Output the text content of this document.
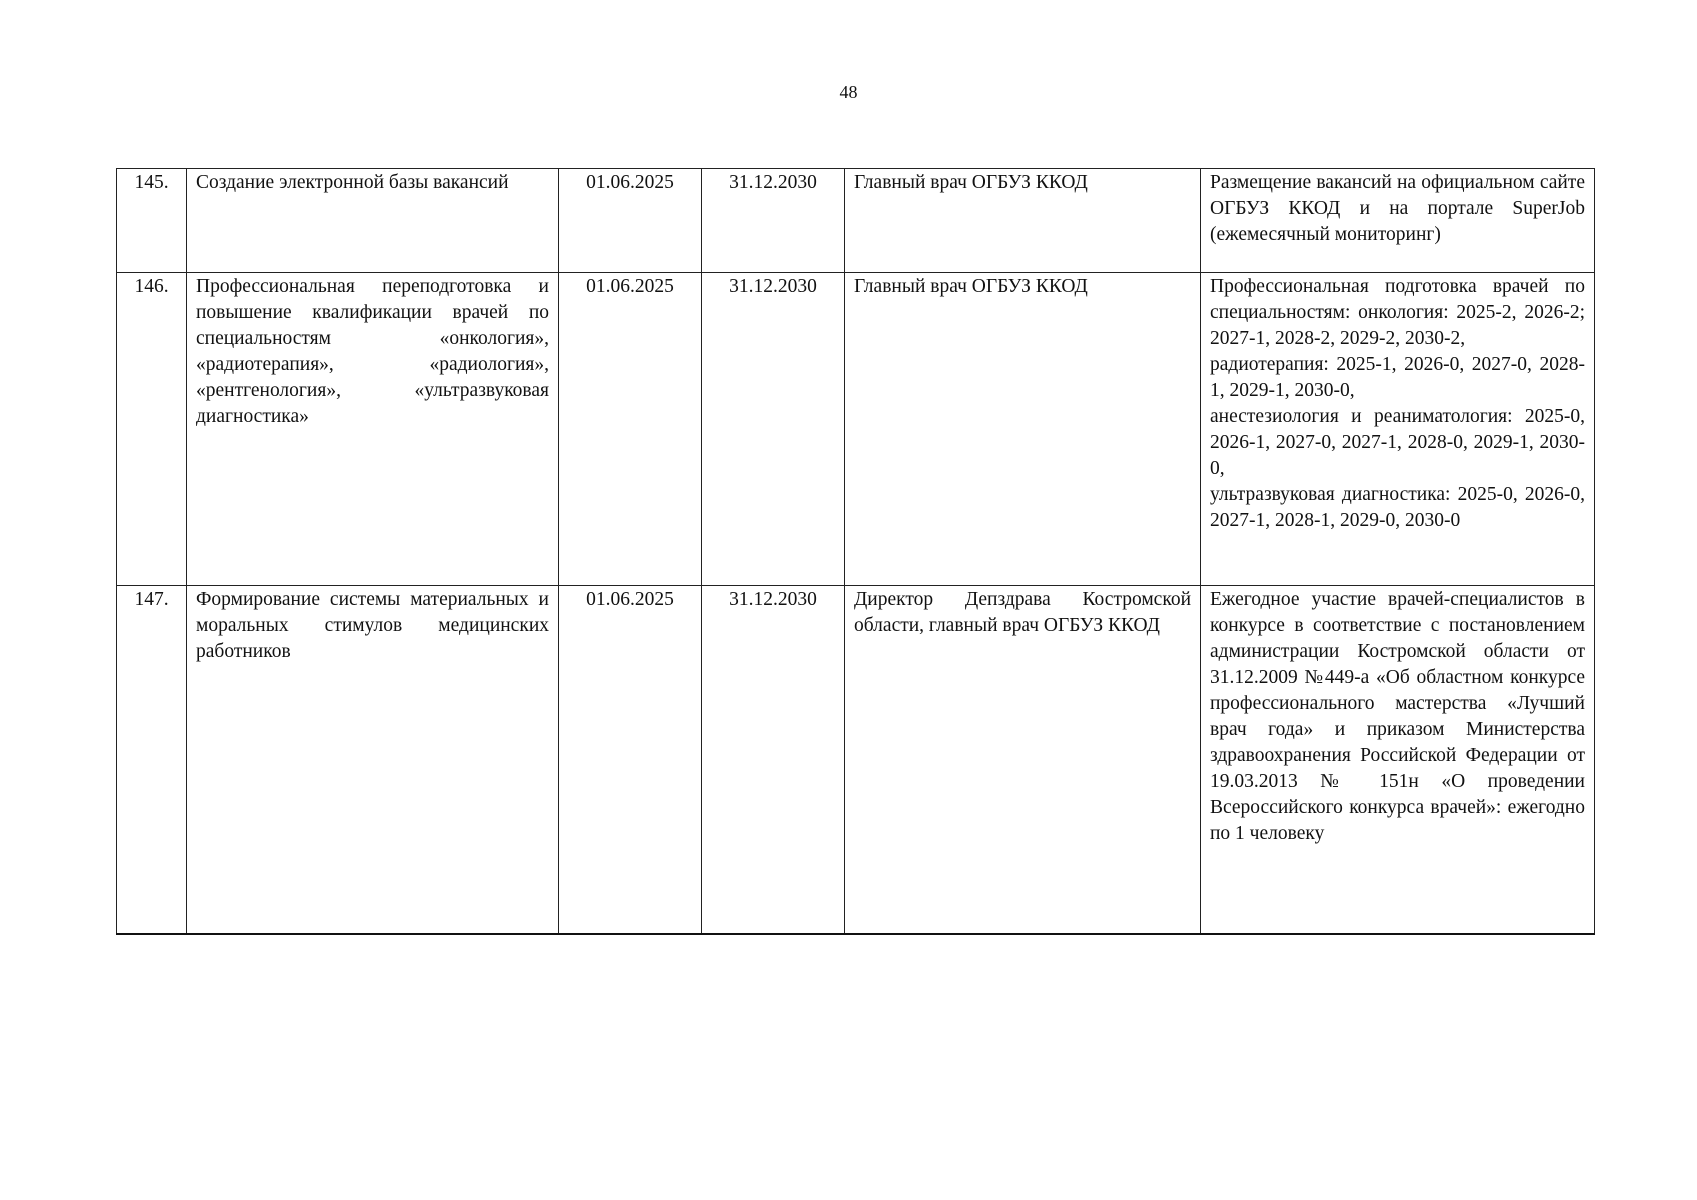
48
145.	Создание электронной базы вакансий	01.06.2025	31.12.2030	Главный врач ОГБУЗ ККОД	Размещение вакансий на официальном сайте ОГБУЗ ККОД и на портале SuperJob (ежемесячный мониторинг)

146.	Профессиональная переподготовка и повышение квалификации врачей по специальностям «онкология», «радиотерапия», «радиология», «рентгенология», «ультразвуковая диагностика»	01.06.2025	31.12.2030	Главный врач ОГБУЗ ККОД	Профессиональная подготовка врачей по специальностям: онкология: 2025-2, 2026-2; 2027-1, 2028-2, 2029-2, 2030-2,
радиотерапия: 2025-1, 2026-0, 2027-0, 2028-1, 2029-1, 2030-0,
анестезиология и реаниматология: 2025-0, 2026-1, 2027-0, 2027-1, 2028-0, 2029-1, 2030-0,
ультразвуковая диагностика: 2025-0, 2026-0, 2027-1, 2028-1, 2029-0, 2030-0

147.	Формирование системы материальных и моральных стимулов медицинских работников	01.06.2025	31.12.2030	Директор Депздрава Костромской области, главный врач ОГБУЗ ККОД	Ежегодное участие врачей-специалистов в конкурсе в соответствие с постановлением администрации Костромской области от 31.12.2009 №449-а «Об областном конкурсе профессионального мастерства «Лучший врач года» и приказом Министерства здравоохранения Российской Федерации от 19.03.2013 № 151н «О проведении Всероссийского конкурса врачей»: ежегодно по 1 человеку
